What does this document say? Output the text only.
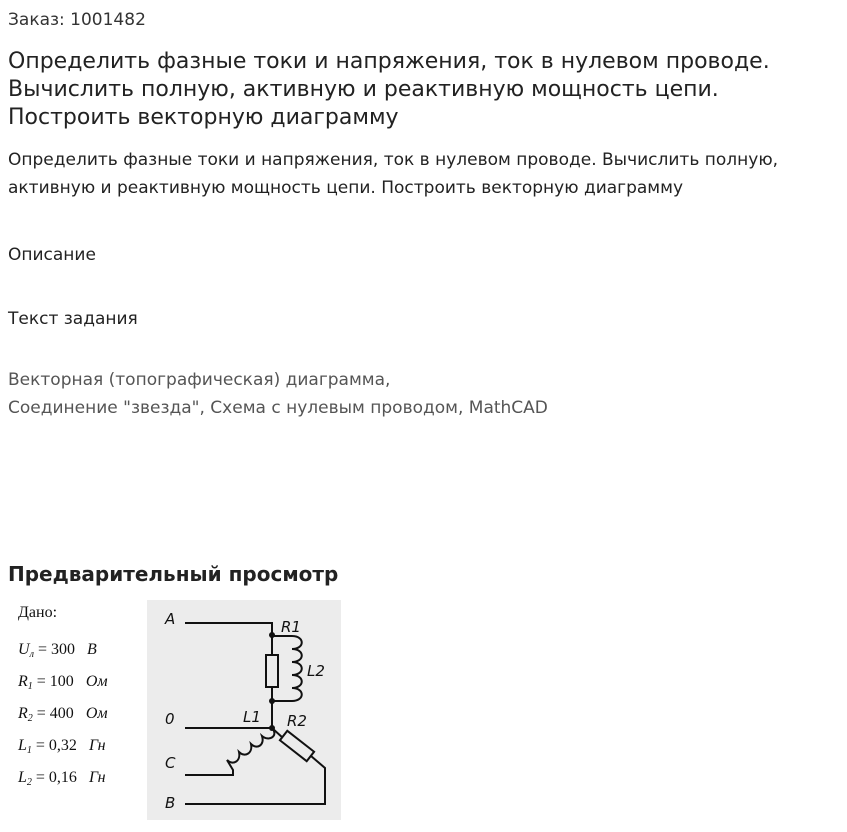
Заказ: 1001482
Определить фазные токи и напряжения, ток в нулевом проводе. Вычислить полную, активную и реактивную мощность цепи. Построить векторную диаграмму
Определить фазные токи и напряжения, ток в нулевом проводе. Вычислить полную, активную и реактивную мощность цепи. Построить векторную диаграмму
Описание
Текст задания
Векторная (топографическая) диаграмма,
Соединение "звезда", Схема с нулевым проводом, MathCAD
Предварительный просмотр
Дано:
$U_л = 300$ В
$R_1 = 100$ Ом
$R_2 = 400$ Ом
$L_1 = 0,32$ Гн
$L_2 = 0,16$ Гн
A	R1
L2
0	L1 R2
C
B
